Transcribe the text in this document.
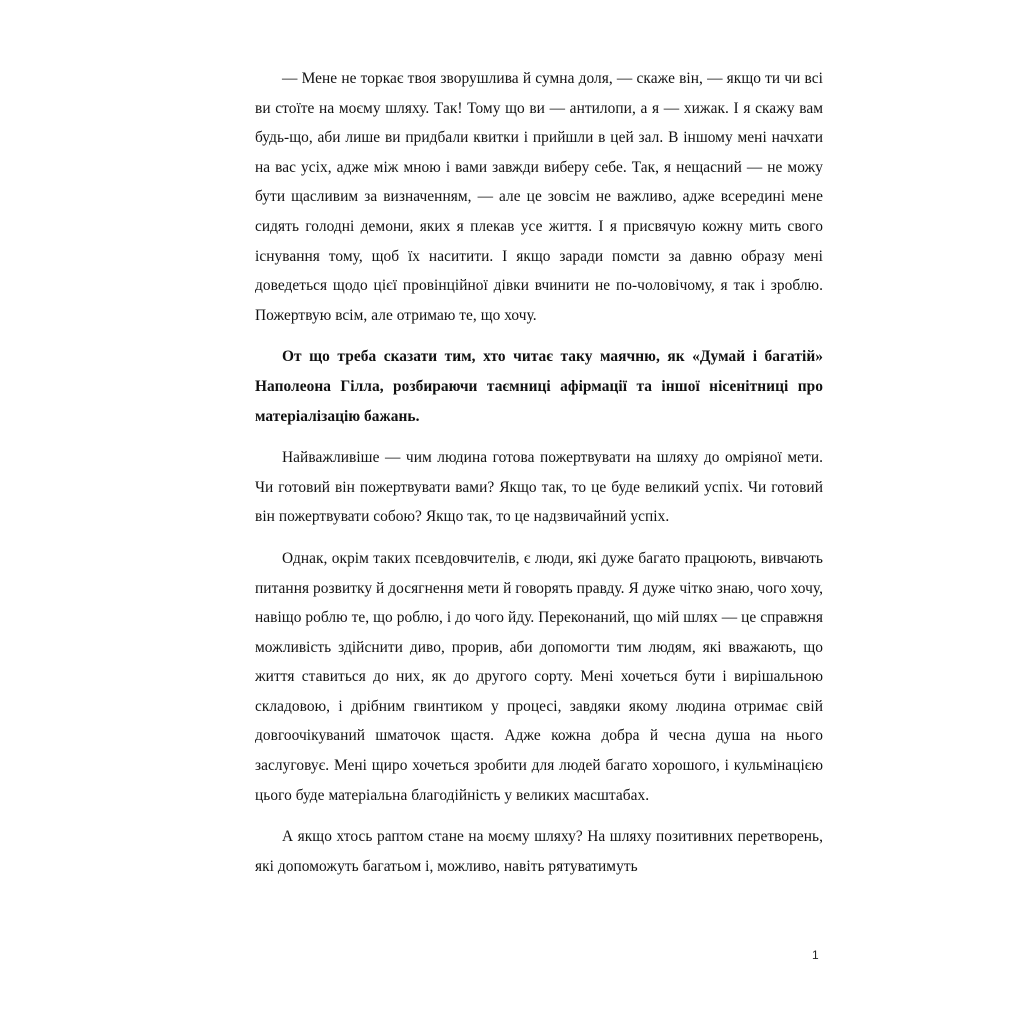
— Мене не торкає твоя зворушлива й сумна доля, — скаже він, — якщо ти чи всі ви стоїте на моєму шляху. Так! Тому що ви — антилопи, а я — хижак. І я скажу вам будь-що, аби лише ви придбали квитки і прийшли в цей зал. В іншому мені начхати на вас усіх, адже між мною і вами завжди виберу себе. Так, я нещасний — не можу бути щасливим за визначенням, — але це зовсім не важливо, адже всередині мене сидять голодні демони, яких я плекав усе життя. І я присвячую кожну мить свого існування тому, щоб їх наситити. І якщо заради помсти за давню образу мені доведеться щодо цієї провінційної дівки вчинити не по-чоловічому, я так і зроблю. Пожертвую всім, але отримаю те, що хочу.

От що треба сказати тим, хто читає таку маячню, як «Думай і багатій» Наполеона Гілла, розбираючи таємниці афірмації та іншої нісенітниці про матеріалізацію бажань.

Найважливіше — чим людина готова пожертвувати на шляху до омріяної мети. Чи готовий він пожертвувати вами? Якщо так, то це буде великий успіх. Чи готовий він пожертвувати собою? Якщо так, то це надзвичайний успіх.

Однак, окрім таких псевдовчителів, є люди, які дуже багато працюють, вивчають питання розвитку й досягнення мети й говорять правду. Я дуже чітко знаю, чого хочу, навіщо роблю те, що роблю, і до чого йду. Переконаний, що мій шлях — це справжня можливість здійснити диво, прорив, аби допомогти тим людям, які вважають, що життя ставиться до них, як до другого сорту. Мені хочеться бути і вирішальною складовою, і дрібним гвинтиком у процесі, завдяки якому людина отримає свій довгоочікуваний шматочок щастя. Адже кожна добра й чесна душа на нього заслуговує. Мені щиро хочеться зробити для людей багато хорошого, і кульмінацією цього буде матеріальна благодійність у великих масштабах.

А якщо хтось раптом стане на моєму шляху? На шляху позитивних перетворень, які допоможуть багатьом і, можливо, навіть рятуватимуть

1
